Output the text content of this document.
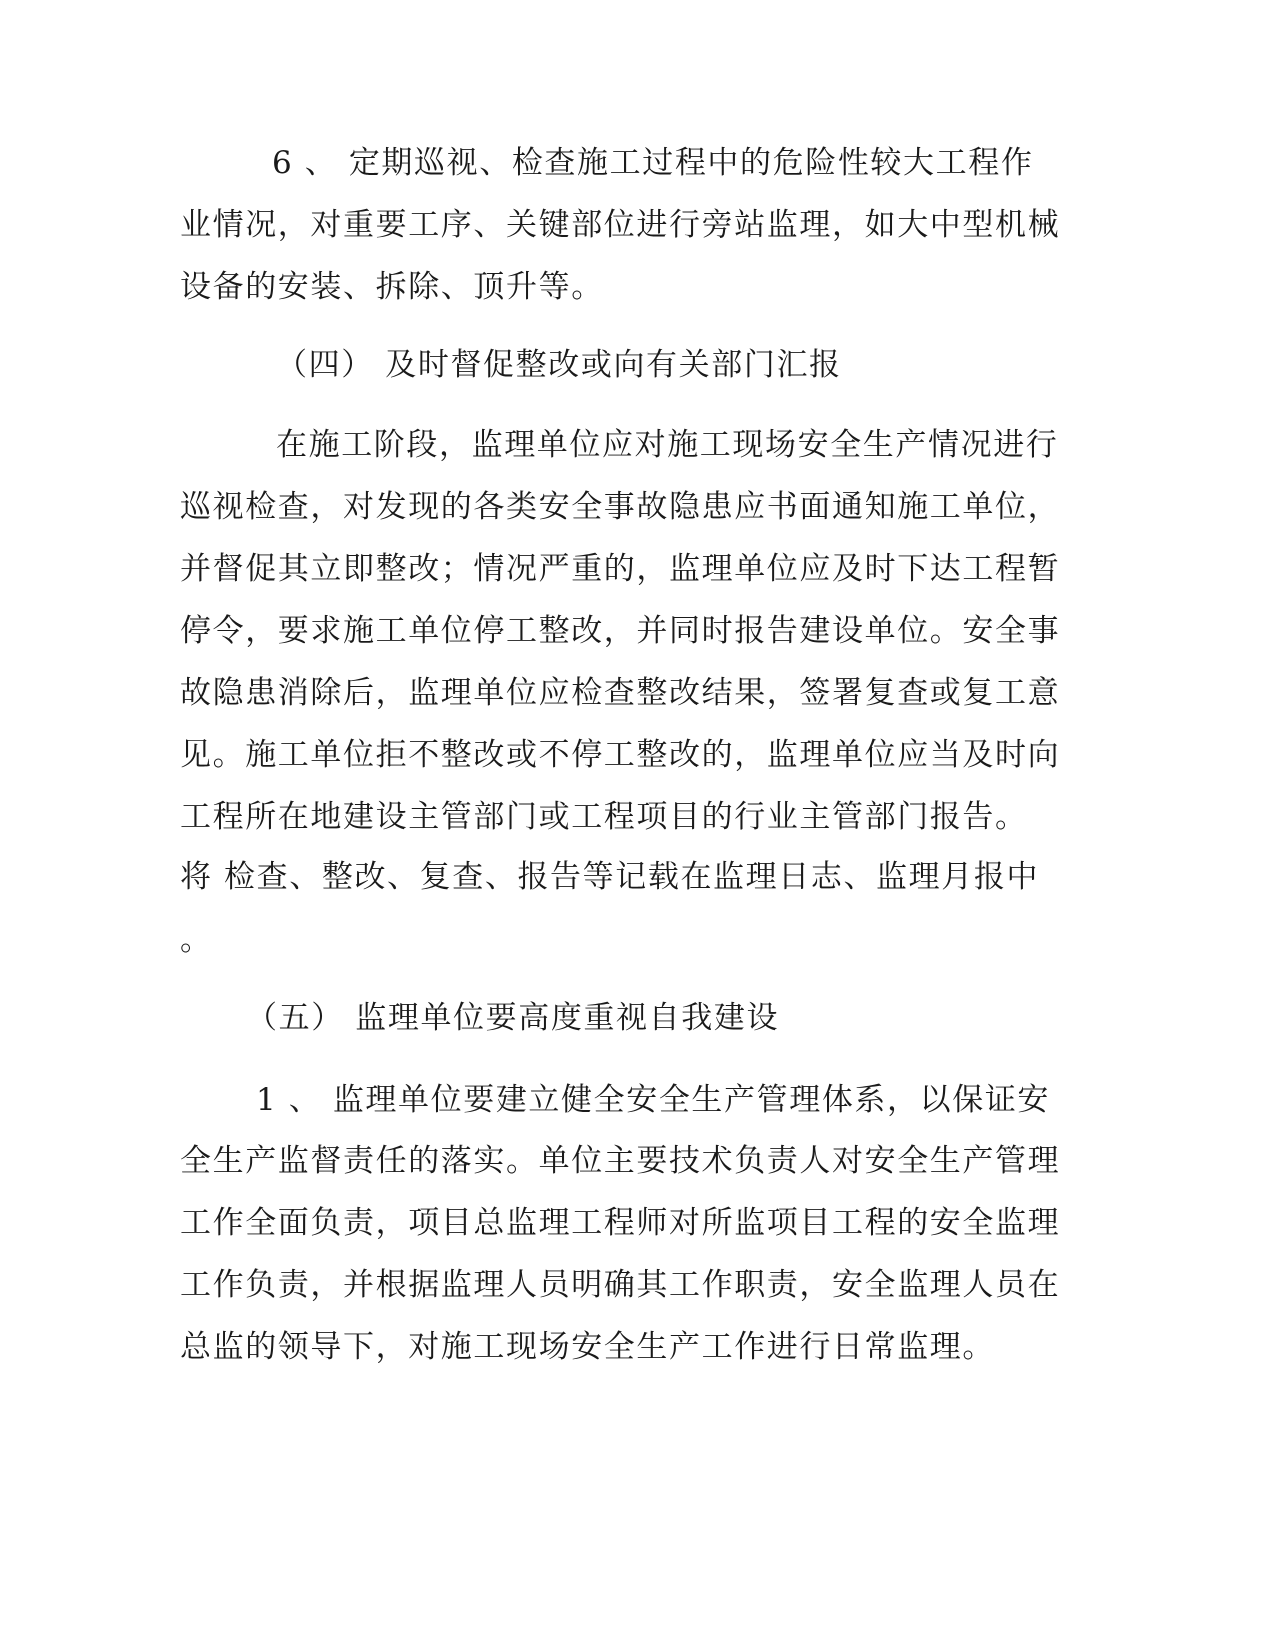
6 、 定期巡视、检查施工过程中的危险性较大工程作
业情况，对重要工序、关键部位进行旁站监理，如大中型机械
设备的安装、拆除、顶升等。
（四） 及时督促整改或向有关部门汇报
在施工阶段，监理单位应对施工现场安全生产情况进行
巡视检查，对发现的各类安全事故隐患应书面通知施工单位，
并督促其立即整改；情况严重的，监理单位应及时下达工程暂
停令，要求施工单位停工整改，并同时报告建设单位。安全事
故隐患消除后，监理单位应检查整改结果，签署复查或复工意
见。施工单位拒不整改或不停工整改的，监理单位应当及时向
工程所在地建设主管部门或工程项目的行业主管部门报告。
将 检查、整改、复查、报告等记载在监理日志、监理月报中
。
（五） 监理单位要高度重视自我建设
1 、 监理单位要建立健全安全生产管理体系，以保证安
全生产监督责任的落实。单位主要技术负责人对安全生产管理
工作全面负责，项目总监理工程师对所监项目工程的安全监理
工作负责，并根据监理人员明确其工作职责，安全监理人员在
总监的领导下，对施工现场安全生产工作进行日常监理。
